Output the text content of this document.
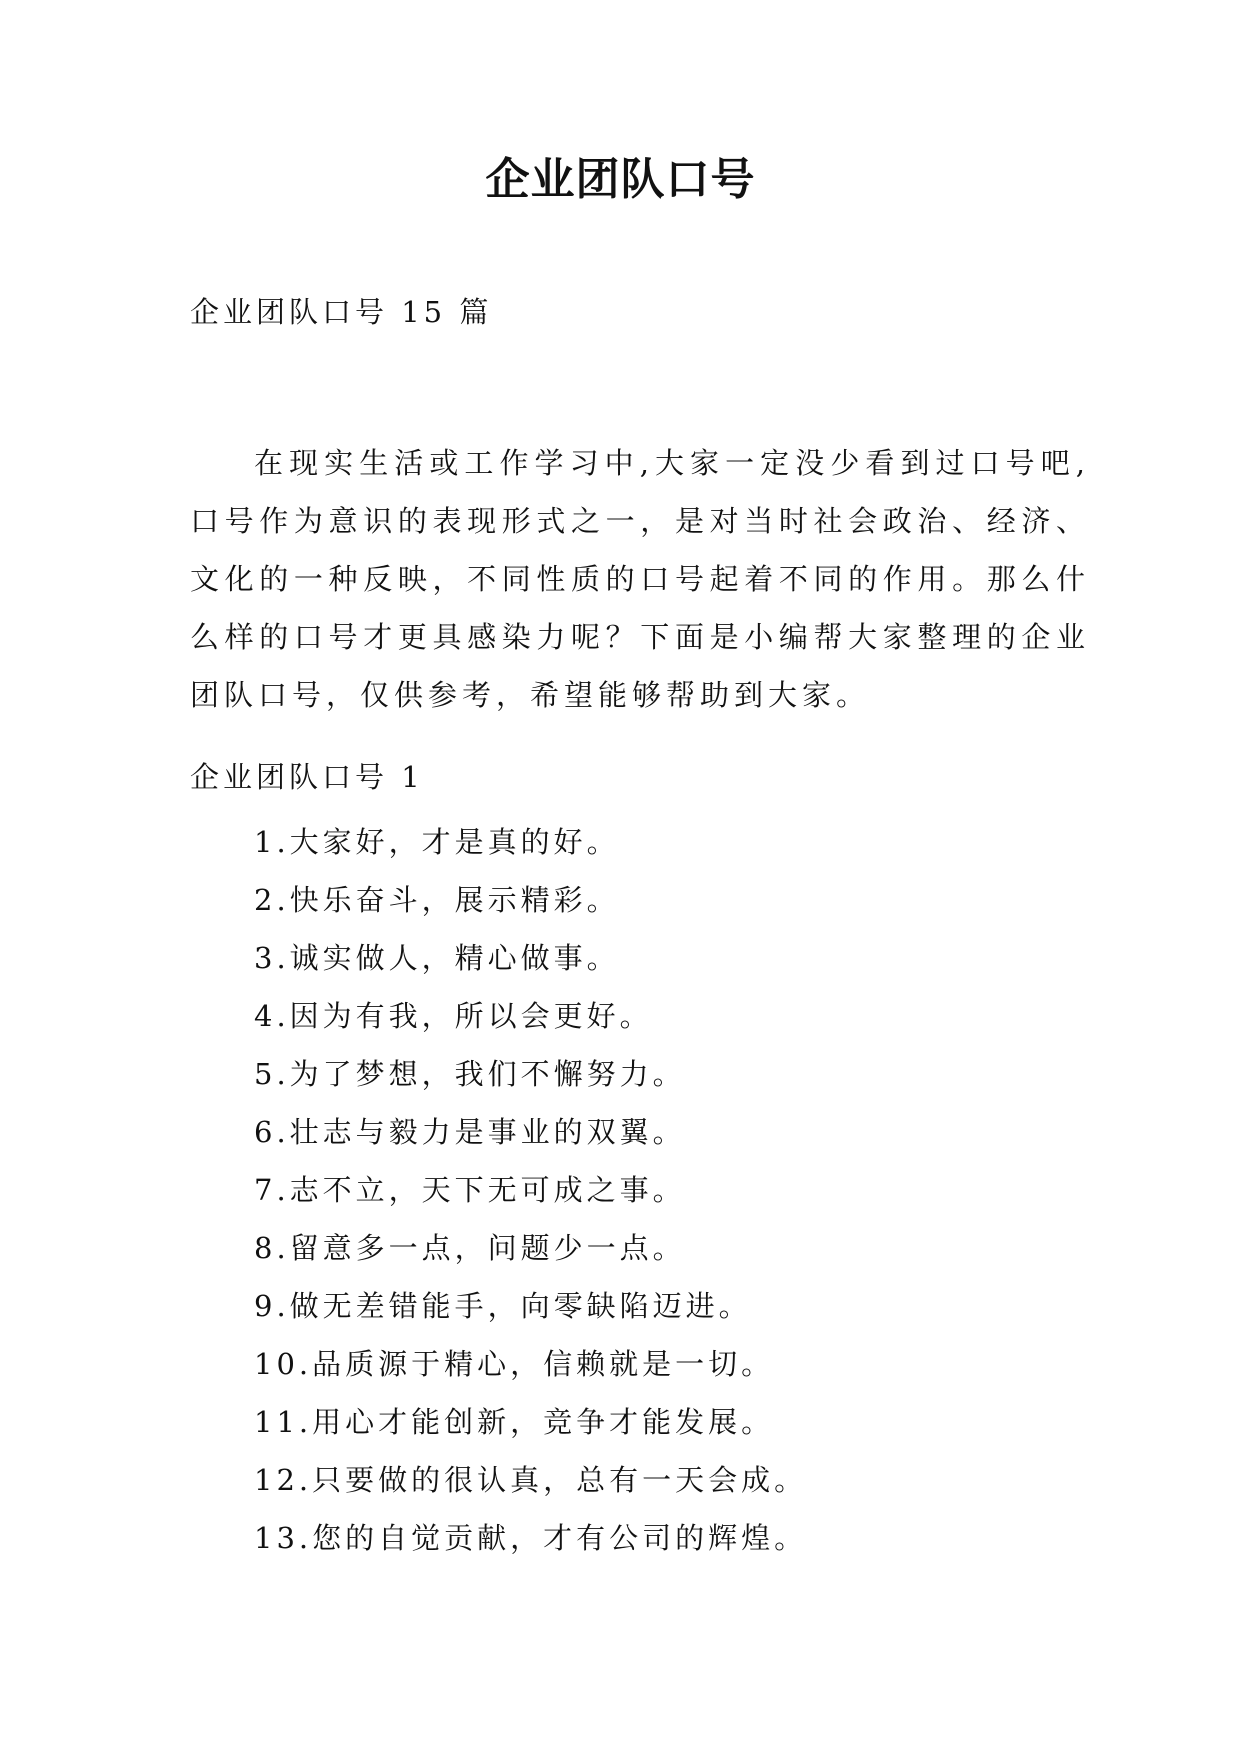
企业团队口号
企业团队口号 15 篇

在现实生活或工作学习中,大家一定没少看到过口号吧,口号作为意识的表现形式之一，是对当时社会政治、经济、文化的一种反映，不同性质的口号起着不同的作用。那么什么样的口号才更具感染力呢？下面是小编帮大家整理的企业团队口号，仅供参考，希望能够帮助到大家。

企业团队口号 1
1.大家好，才是真的好。
2.快乐奋斗，展示精彩。
3.诚实做人，精心做事。
4.因为有我，所以会更好。
5.为了梦想，我们不懈努力。
6.壮志与毅力是事业的双翼。
7.志不立，天下无可成之事。
8.留意多一点，问题少一点。
9.做无差错能手，向零缺陷迈进。
10.品质源于精心，信赖就是一切。
11.用心才能创新，竞争才能发展。
12.只要做的很认真，总有一天会成。
13.您的自觉贡献，才有公司的辉煌。
